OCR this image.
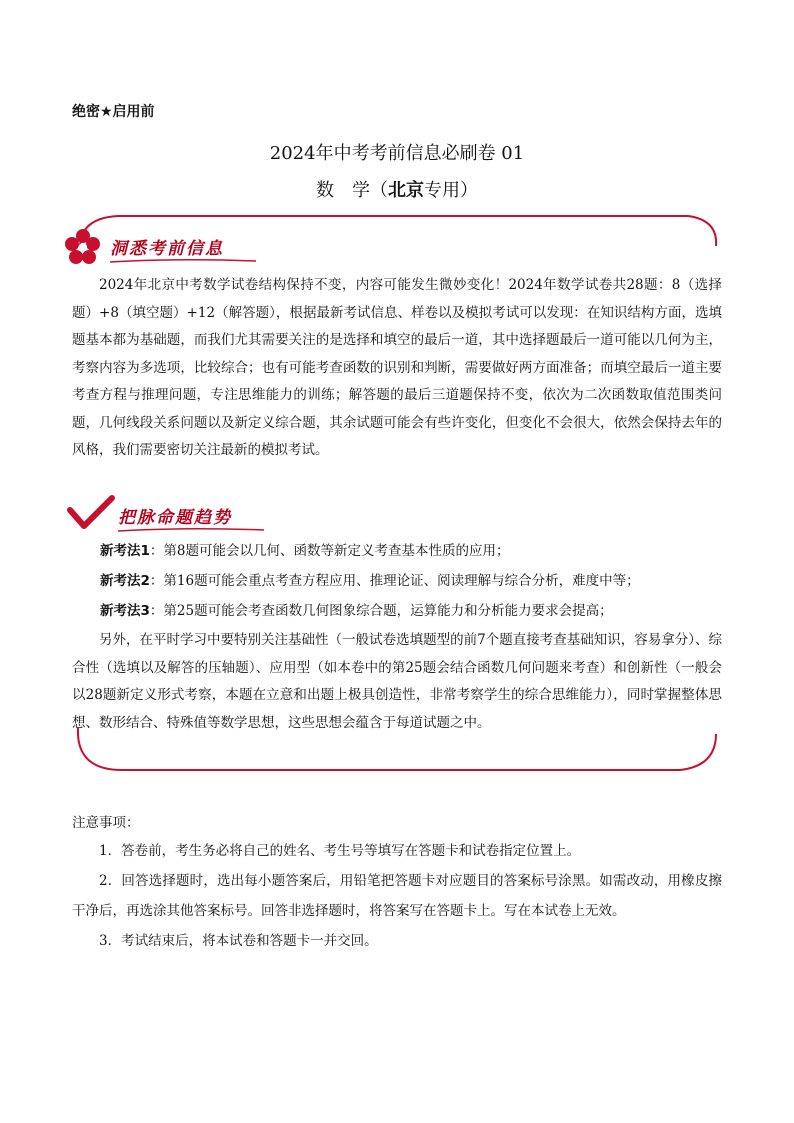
绝密★启用前
2024年中考考前信息必刷卷 01
数　学（北京专用）
洞悉考前信息
2024年北京中考数学试卷结构保持不变，内容可能发生微妙变化！2024年数学试卷共28题：8（选择题）+8（填空题）+12（解答题），根据最新考试信息、样卷以及模拟考试可以发现：在知识结构方面，选填题基本都为基础题，而我们尤其需要关注的是选择和填空的最后一道，其中选择题最后一道可能以几何为主，考察内容为多选项，比较综合；也有可能考查函数的识别和判断，需要做好两方面准备；而填空最后一道主要考查方程与推理问题，专注思维能力的训练；解答题的最后三道题保持不变，依次为二次函数取值范围类问题，几何线段关系问题以及新定义综合题，其余试题可能会有些许变化，但变化不会很大，依然会保持去年的风格，我们需要密切关注最新的模拟考试。
把脉命题趋势
新考法1：第8题可能会以几何、函数等新定义考查基本性质的应用；
新考法2：第16题可能会重点考查方程应用、推理论证、阅读理解与综合分析，难度中等；
新考法3：第25题可能会考查函数几何图象综合题，运算能力和分析能力要求会提高；
另外，在平时学习中要特别关注基础性（一般试卷选填题型的前7个题直接考查基础知识，容易拿分）、综合性（选填以及解答的压轴题）、应用型（如本卷中的第25题会结合函数几何问题来考查）和创新性（一般会以28题新定义形式考察，本题在立意和出题上极具创造性，非常考察学生的综合思维能力），同时掌握整体思想、数形结合、特殊值等数学思想，这些思想会蕴含于每道试题之中。
注意事项：
1．答卷前，考生务必将自己的姓名、考生号等填写在答题卡和试卷指定位置上。
2．回答选择题时，选出每小题答案后，用铅笔把答题卡对应题目的答案标号涂黑。如需改动，用橡皮擦干净后，再选涂其他答案标号。回答非选择题时，将答案写在答题卡上。写在本试卷上无效。
3．考试结束后，将本试卷和答题卡一并交回。
